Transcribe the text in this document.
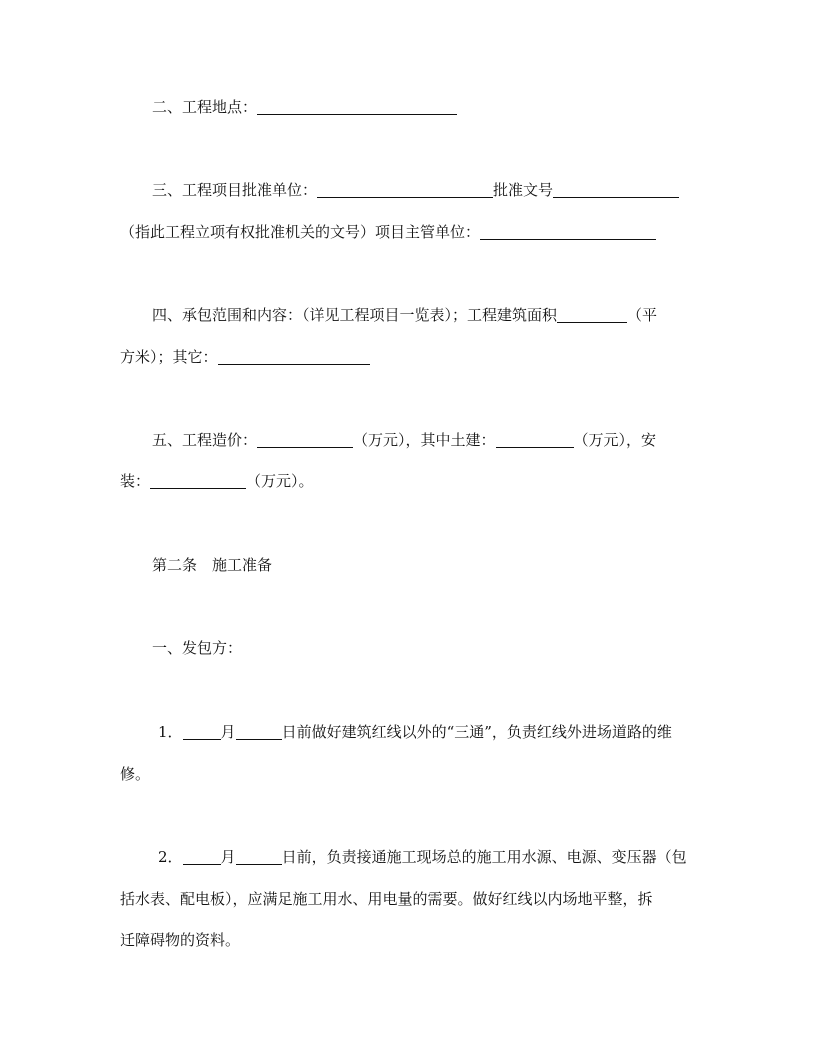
二、工程地点：
三、工程项目批准单位：	批准文号
（指此工程立项有权批准机关的文号）项目主管单位：
四、承包范围和内容：（详见工程项目一览表）；工程建筑面积	（平
方米）；其它：
五、工程造价：	（万元），其中土建：	（万元），安
装：	（万元）。
第二条　施工准备
一、发包方：
1．	月	日前做好建筑红线以外的“三通”，负责红线外进场道路的维
修。
2．	月	日前，负责接通施工现场总的施工用水源、电源、变压器（包
括水表、配电板），应满足施工用水、用电量的需要。做好红线以内场地平整，拆
迁障碍物的资料。
